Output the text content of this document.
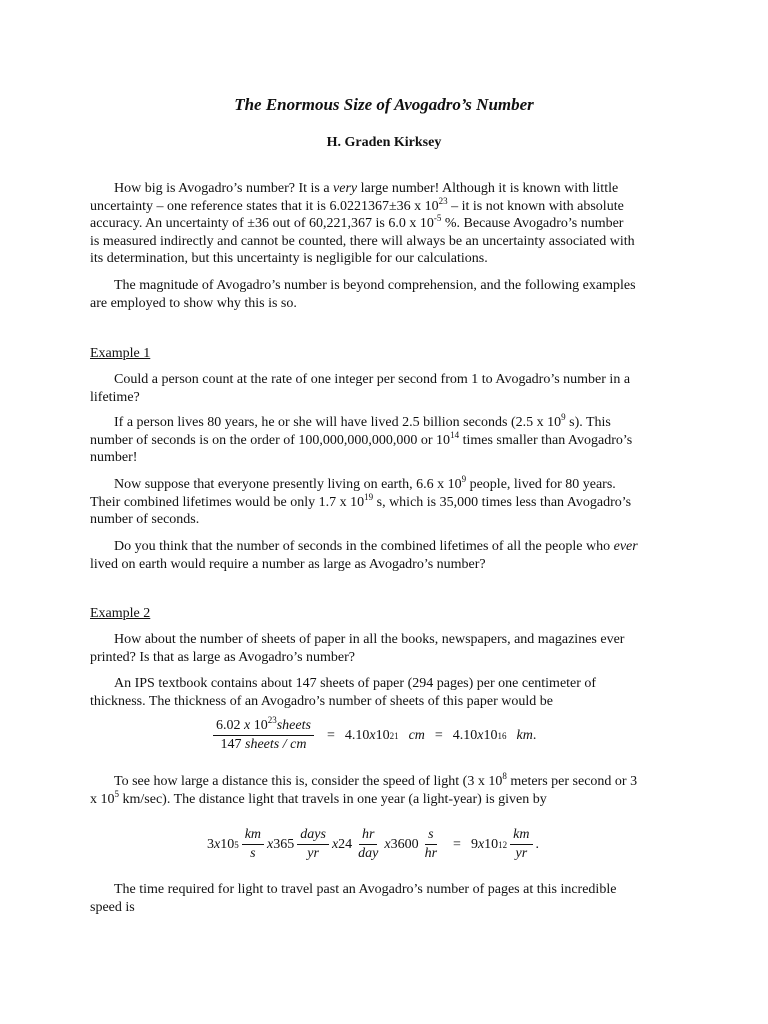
The Enormous Size of Avogadro’s Number
H. Graden Kirksey
How big is Avogadro’s number? It is a very large number! Although it is known with little
uncertainty – one reference states that it is 6.0221367±36 x $10^{23}$ – it is not known with absolute
accuracy. An uncertainty of ±36 out of 60,221,367 is 6.0 x $10^{-5}$ %. Because Avogadro’s number
is measured indirectly and cannot be counted, there will always be an uncertainty associated with
its determination, but this uncertainty is negligible for our calculations.
The magnitude of Avogadro’s number is beyond comprehension, and the following examples
are employed to show why this is so.
Example 1
Could a person count at the rate of one integer per second from 1 to Avogadro’s number in a
lifetime?
If a person lives 80 years, he or she will have lived 2.5 billion seconds (2.5 x $10^9$ s). This
number of seconds is on the order of 100,000,000,000,000 or $10^{14}$ times smaller than Avogadro’s
number!
Now suppose that everyone presently living on earth, 6.6 x $10^9$ people, lived for 80 years.
Their combined lifetimes would be only 1.7 x $10^{19}$ s, which is 35,000 times less than Avogadro’s
number of seconds.
Do you think that the number of seconds in the combined lifetimes of all the people who ever
lived on earth would require a number as large as Avogadro’s number?
Example 2
How about the number of sheets of paper in all the books, newspapers, and magazines ever
printed? Is that as large as Avogadro’s number?
An IPS textbook contains about 147 sheets of paper (294 pages) per one centimeter of
thickness. The thickness of an Avogadro’s number of sheets of this paper would be
$\frac{6.02 x 10^{23}sheets}{\text{147 sheets / cm}} = 4.10$ x 10 21 cm = 4.10 x 10 16 km .
To see how large a distance this is, consider the speed of light (3 x $10^8$ meters per second or 3
x $10^5$ km/sec). The distance light that travels in one year (a light-year) is given by
3 x 10 $5 \frac{km}{s}$ x $365 \frac{\text{days}}{yr}$ x $24 \frac{hr}{\text{day}}$ x $3600 \frac{s}{hr} = 9$ x 10 $12 \frac{km}{yr}$ .
The time required for light to travel past an Avogadro’s number of pages at this incredible
speed is
